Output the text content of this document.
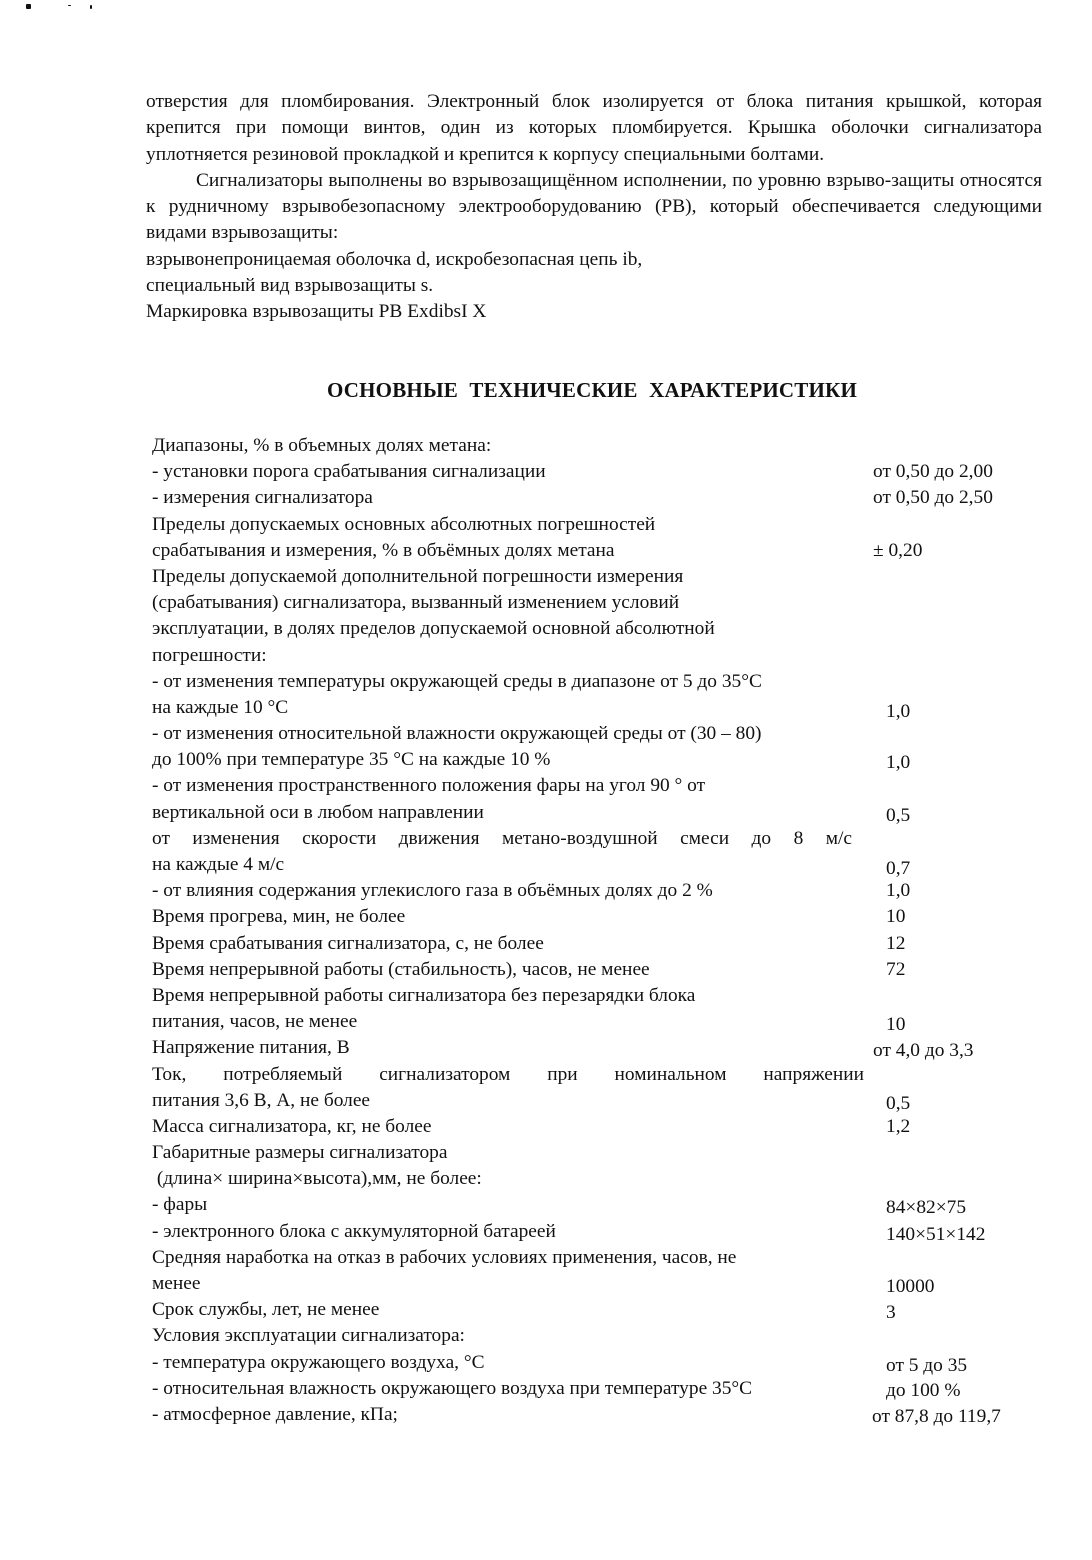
отверстия для пломбирования. Электронный блок изолируется от блока питания крышкой, которая крепится при помощи винтов, один из которых пломбируется. Крышка оболочки сигнализатора уплотняется резиновой прокладкой и крепится к корпусу специальными болтами.

Сигнализаторы выполнены во взрывозащищённом исполнении, по уровню взрыво-защиты относятся к рудничному взрывобезопасному электрооборудованию (РВ), который обеспечивается следующими видами взрывозащиты:

взрывонепроницаемая оболочка d, искробезопасная цепь ib,

специальный вид взрывозащиты s.

Маркировка взрывозащиты РВ ExdibsI X

ОСНОВНЫЕ ТЕХНИЧЕСКИЕ ХАРАКТЕРИСТИКИ
Диапазоны, % в объемных долях метана:
- установки порога срабатывания сигнализации	от 0,50 до 2,00
- измерения сигнализатора	от 0,50 до 2,50
Пределы допускаемых основных абсолютных погрешностей
срабатывания и измерения, % в объёмных долях метана	± 0,20
Пределы допускаемой дополнительной погрешности измерения
(срабатывания) сигнализатора, вызванный изменением условий
эксплуатации, в долях пределов допускаемой основной абсолютной
погрешности:
- от изменения температуры окружающей среды в диапазоне от 5 до 35°С
на каждые 10 °С	1,0
- от изменения относительной влажности окружающей среды от (30 – 80)
до 100% при температуре 35 °С на каждые 10 %	1,0
- от изменения пространственного положения фары на угол 90 ° от
вертикальной оси в любом направлении	0,5
от изменения скорости движения метано-воздушной смеси до 8 м/с
на каждые 4 м/с	0,7
- от влияния содержания углекислого газа в объёмных долях до 2 %	1,0
Время прогрева, мин, не более	10
Время срабатывания сигнализатора, с, не более	12
Время непрерывной работы (стабильность), часов, не менее	72
Время непрерывной работы сигнализатора без перезарядки блока
питания, часов, не менее	10
Напряжение питания, В	от 4,0 до 3,3
Ток, потребляемый сигнализатором при номинальном напряжении
питания 3,6 В, А, не более	0,5
Масса сигнализатора, кг, не более	1,2
Габаритные размеры сигнализатора
(длина× ширина×высота),мм, не более:
- фары	84×82×75
- электронного блока с аккумуляторной батареей	140×51×142
Средняя наработка на отказ в рабочих условиях применения, часов, не
менее	10000
Срок службы, лет, не менее	3
Условия эксплуатации сигнализатора:
- температура окружающего воздуха, °С	от 5 до 35
- относительная влажность окружающего воздуха при температуре 35°С	до 100 %
- атмосферное давление, кПа;	от 87,8 до 119,7
